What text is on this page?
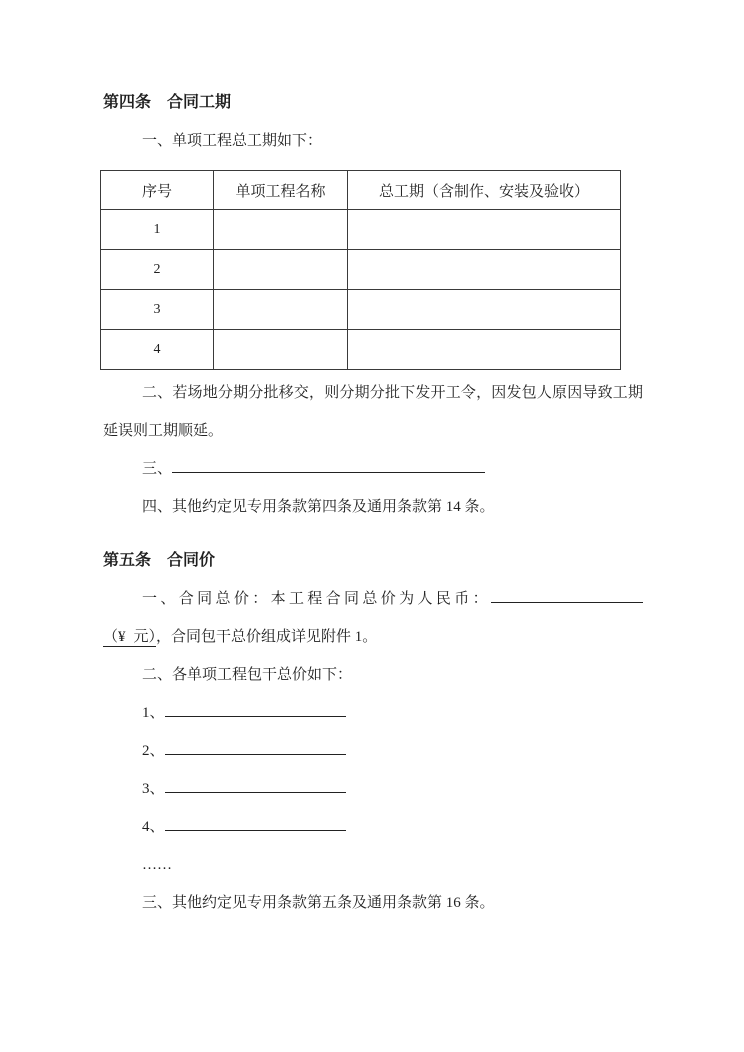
第四条　合同工期

一、单项工程总工期如下：

序号	单项工程名称	总工期（含制作、安装及验收）
1		
2		
3		
4		

二、若场地分期分批移交，则分期分批下发开工令，因发包人原因导致工期延误则工期顺延。

三、

四、其他约定见专用条款第四条及通用条款第 14 条。

第五条　合同价

一、合同总价：本工程合同总价为人民币：（¥ 元），合同包干总价组成详见附件 1。

二、各单项工程包干总价如下：

1、

2、

3、

4、

……

三、其他约定见专用条款第五条及通用条款第 16 条。
